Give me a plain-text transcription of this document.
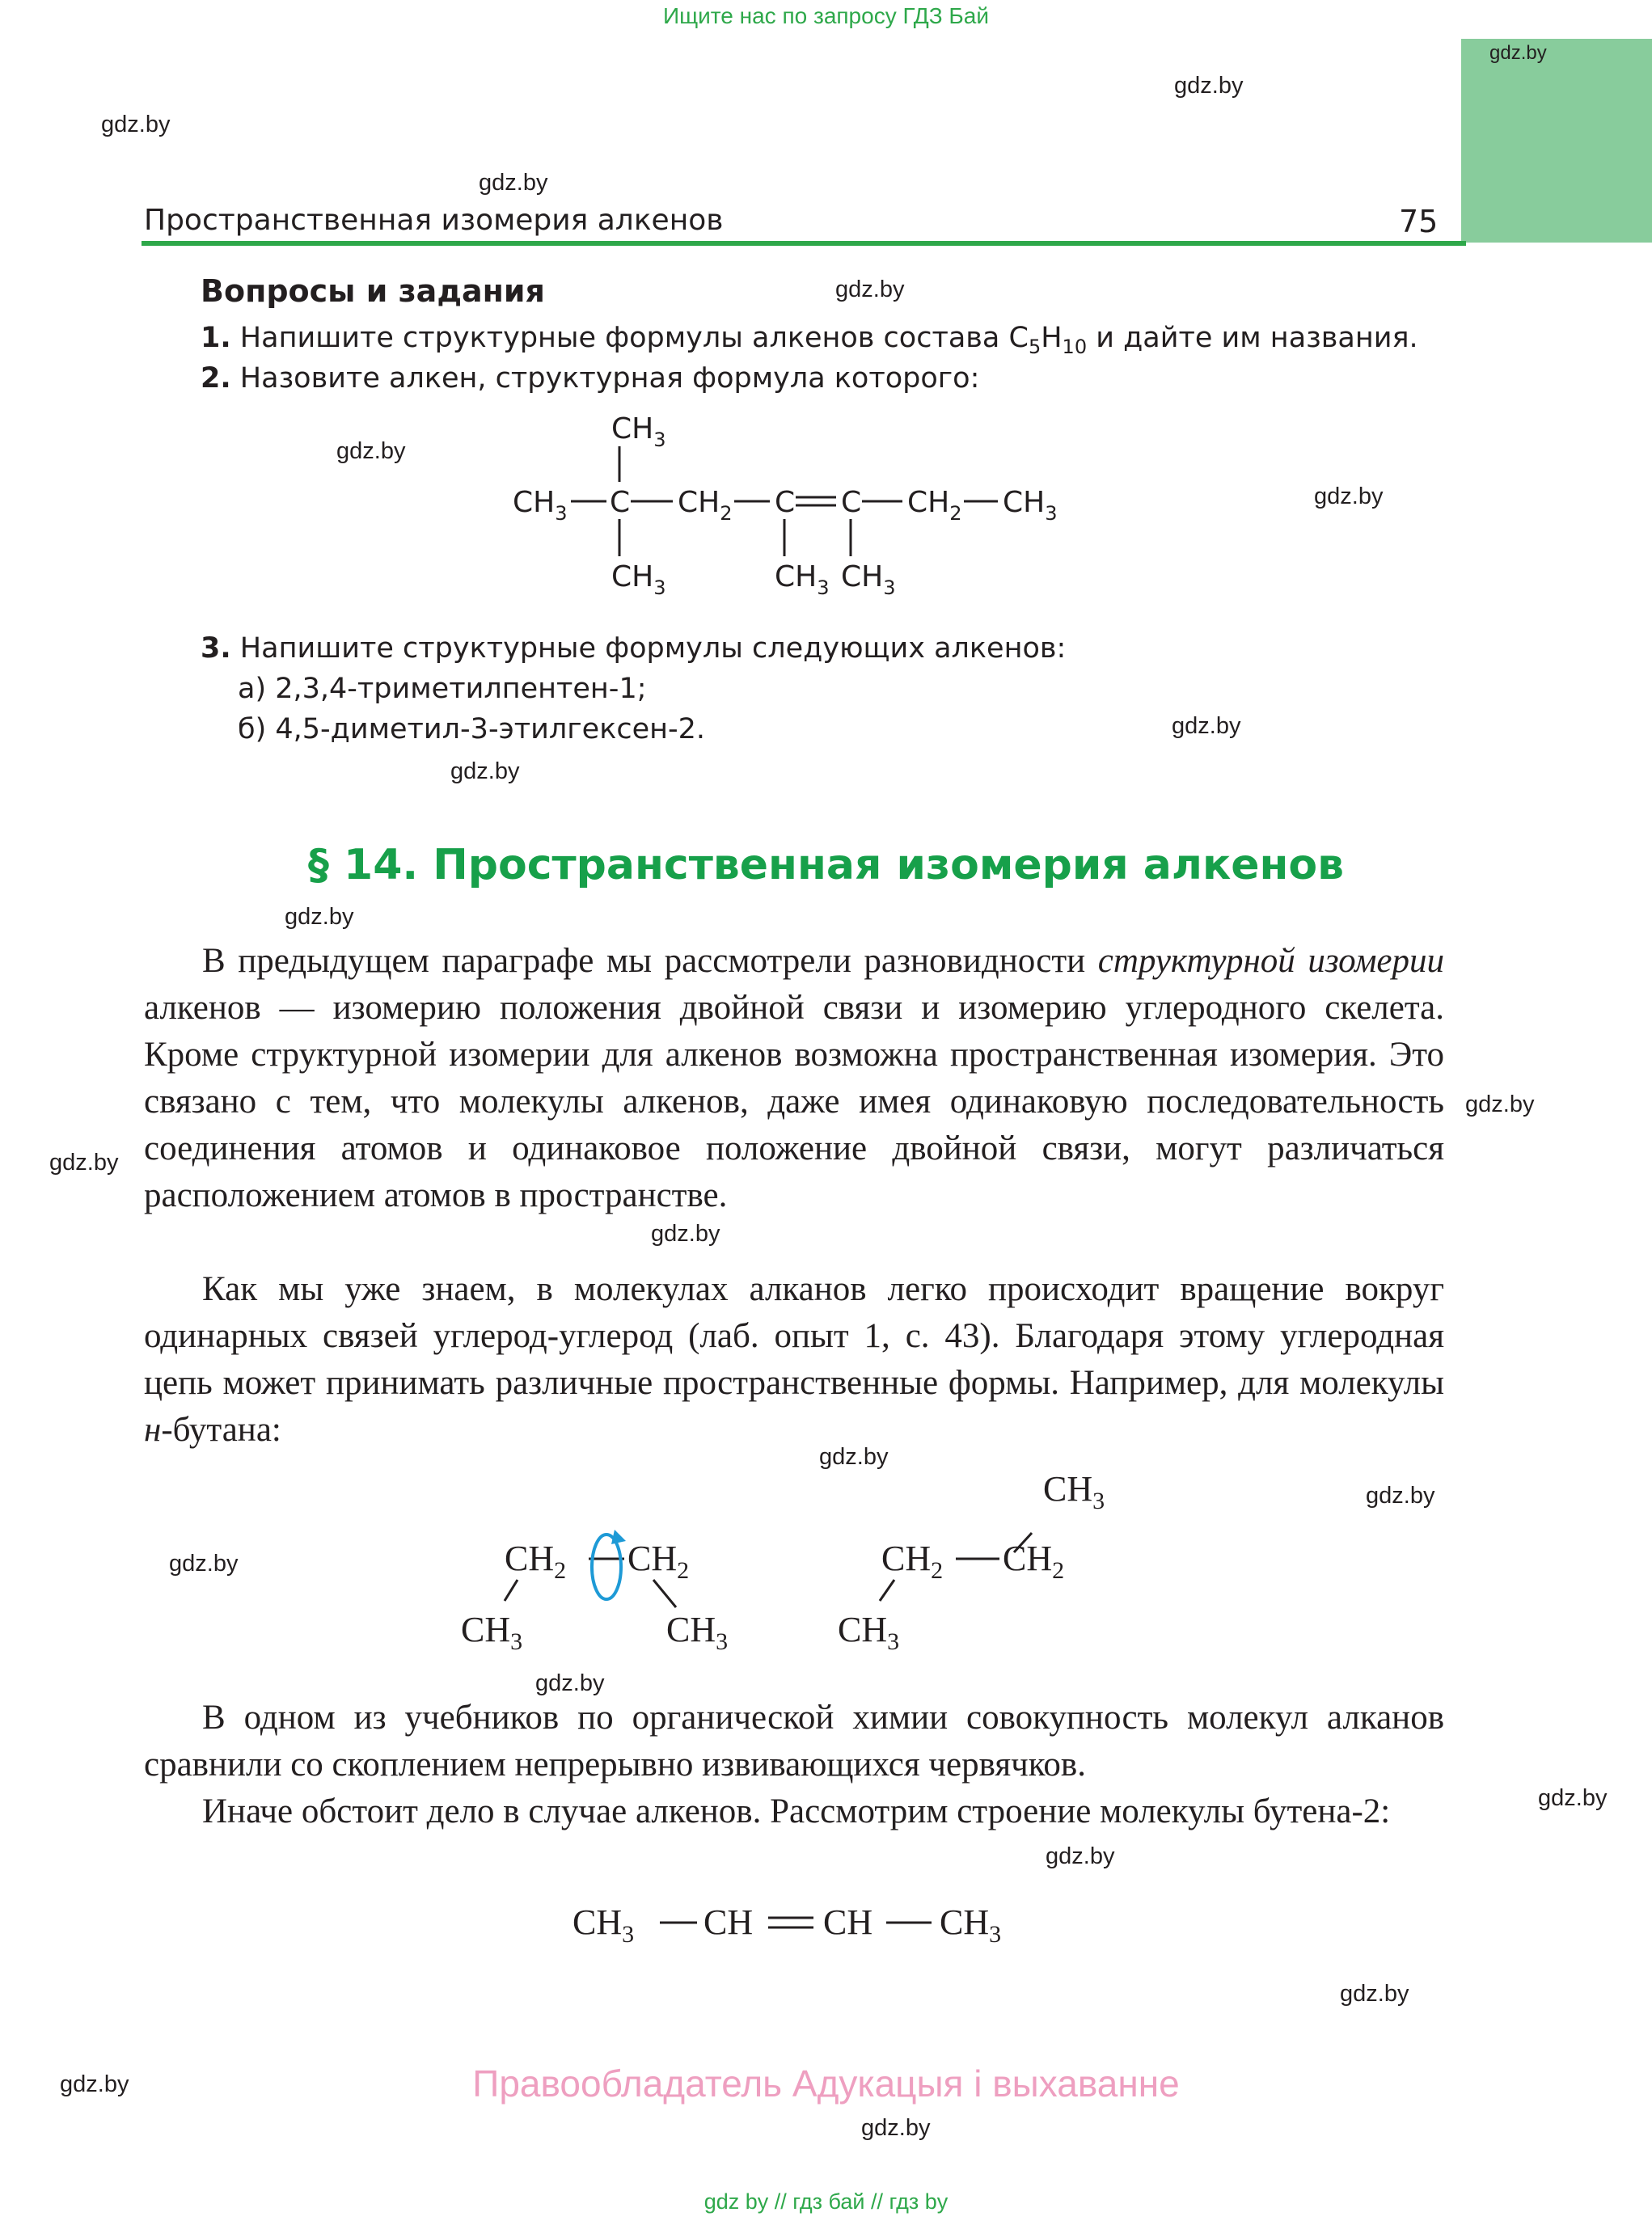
Ищите нас по запросу ГДЗ Бай
gdz.by
gdz.by
gdz.by
gdz.by
gdz.by
gdz.by
gdz.by
gdz.by
gdz.by
gdz.by
gdz.by
gdz.by
gdz.by
gdz.by
gdz.by
gdz.by
gdz.by
gdz.by
gdz.by
gdz.by
gdz.by
gdz.by
Пространственная изомерия алкенов	75
Вопросы и задания
1. Напишите структурные формулы алкенов состава $C_5H_{10}$ и дайте им названия.
2. Назовите алкен, структурная формула которого:
$CH_3$
$CH_3$ C $CH_2$ C C $CH_2$ $CH_3$
$CH_3$	$CH_3$ $CH_3$
3. Напишите структурные формулы следующих алкенов:
а) 2,3,4-триметилпентен-1;
б) 4,5-диметил-3-этилгексен-2.
§ 14. Пространственная изомерия алкенов
В предыдущем параграфе мы рассмотрели разновидности структурной изомерии алкенов — изомерию положения двойной связи и изомерию углеродного скелета. Кроме структурной изомерии для алкенов возможна пространственная изомерия. Это связано с тем, что молекулы алкенов, даже имея одинаковую последовательность соединения атомов и одинаковое положение двойной связи, могут различаться расположением атомов в пространстве.
Как мы уже знаем, в молекулах алканов легко происходит вращение вокруг одинарных связей углерод-углерод (лаб. опыт 1, с. 43). Благодаря этому углеродная цепь может принимать различные пространственные формы. Например, для молекулы н-бутана:
$CH_2$ $CH_2$
$CH_3$	$CH_3$
$CH_2$ $CH_2$
$CH_3$
$CH_3$
В одном из учебников по органической химии совокупность молекул алканов сравнили со скоплением непрерывно извивающихся червячков.
Иначе обстоит дело в случае алкенов. Рассмотрим строение молекулы бутена-2:
$CH_3$ CH CH $CH_3$
Правообладатель Адукацыя і выхаванне
gdz by // гдз бай // гдз by
